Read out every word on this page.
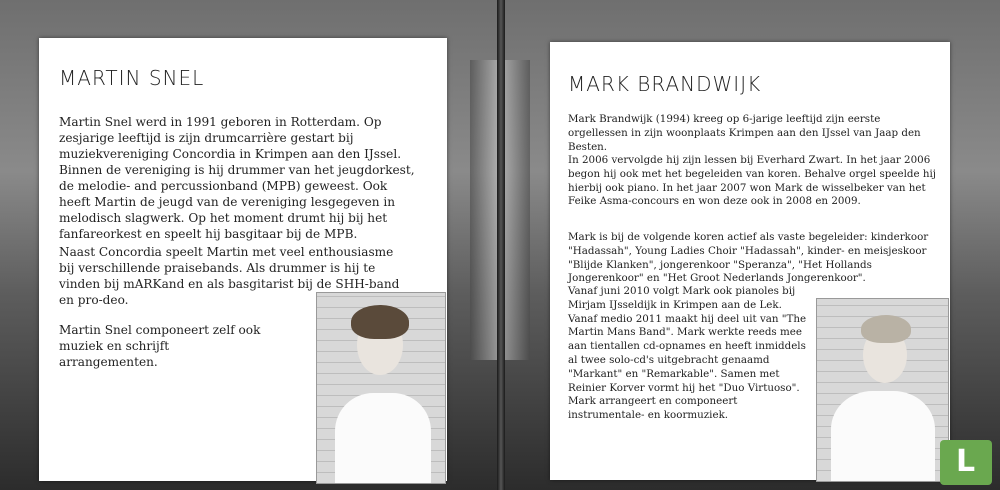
MARTIN SNEL

Martin Snel werd in 1991 geboren in Rotterdam. Op zesjarige leeftijd is zijn drumcarrière gestart bij muziekvereniging Concordia in Krimpen aan den IJssel. Binnen de vereniging is hij drummer van het jeugdorkest, de melodie- and percussionband (MPB) geweest. Ook heeft Martin de jeugd van de vereniging lesgegeven in melodisch slagwerk. Op het moment drumt hij bij het fanfareorkest en speelt hij basgitaar bij de MPB.

Naast Concordia speelt Martin met veel enthousiasme bij verschillende praisebands. Als drummer is hij te vinden bij mARKand en als basgitarist bij de SHH-band en pro-deo.

Martin Snel componeert zelf ook muziek en schrijft arrangementen.

MARK BRANDWIJK

Mark Brandwijk (1994) kreeg op 6-jarige leeftijd zijn eerste orgellessen in zijn woonplaats Krimpen aan den IJssel van Jaap den Besten.

In 2006 vervolgde hij zijn lessen bij Everhard Zwart. In het jaar 2006 begon hij ook met het begeleiden van koren. Behalve orgel speelde hij hierbij ook piano. In het jaar 2007 won Mark de wisselbeker van het Feike Asma-concours en won deze ook in 2008 en 2009.

Mark is bij de volgende koren actief als vaste begeleider: kinderkoor "Hadassah", Young Ladies Choir "Hadassah", kinder- en meisjeskoor "Blijde Klanken", jongerenkoor "Speranza", "Het Hollands Jongerenkoor" en "Het Groot Nederlands Jongerenkoor".

Vanaf juni 2010 volgt Mark ook pianoles bij Mirjam IJsseldijk in Krimpen aan de Lek. Vanaf medio 2011 maakt hij deel uit van "The Martin Mans Band". Mark werkte reeds mee aan tientallen cd-opnames en heeft inmiddels al twee solo-cd's uitgebracht genaamd "Markant" en "Remarkable". Samen met Reinier Korver vormt hij het "Duo Virtuoso". Mark arrangeert en componeert instrumentale- en koormuziek.

L
